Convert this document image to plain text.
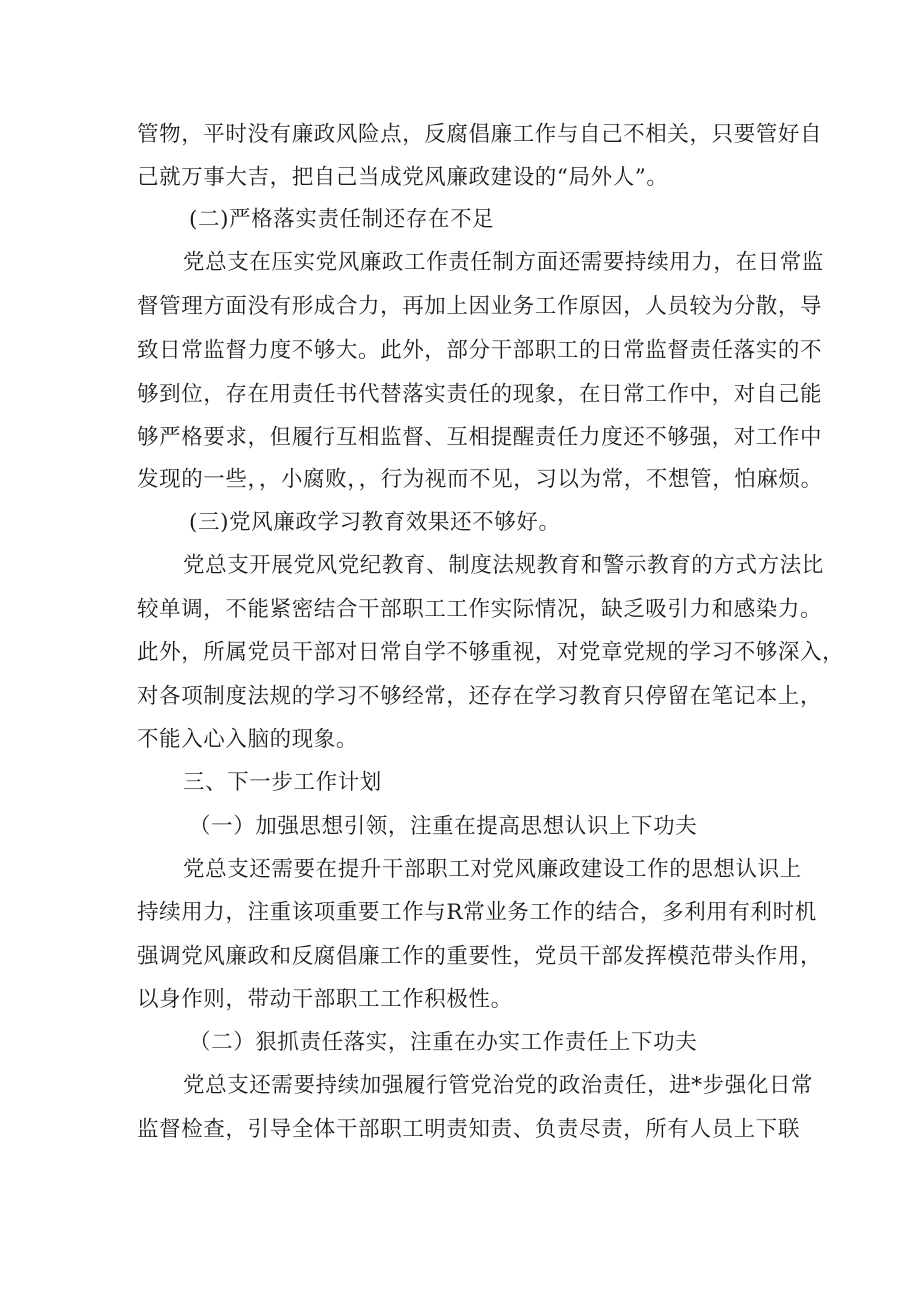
管物，平时没有廉政风险点，反腐倡廉工作与自己不相关，只要管好自
己就万事大吉，把自己当成党风廉政建设的“局外人”。
(二)严格落实责任制还存在不足
党总支在压实党风廉政工作责任制方面还需要持续用力，在日常监
督管理方面没有形成合力，再加上因业务工作原因，人员较为分散，导
致日常监督力度不够大。此外，部分干部职工的日常监督责任落实的不
够到位，存在用责任书代替落实责任的现象，在日常工作中，对自己能
够严格要求，但履行互相监督、互相提醒责任力度还不够强，对工作中
发现的一些，，小腐败，，行为视而不见，习以为常，不想管，怕麻烦。
(三)党风廉政学习教育效果还不够好。
党总支开展党风党纪教育、制度法规教育和警示教育的方式方法比
较单调，不能紧密结合干部职工工作实际情况，缺乏吸引力和感染力。
此外，所属党员干部对日常自学不够重视，对党章党规的学习不够深入，
对各项制度法规的学习不够经常，还存在学习教育只停留在笔记本上，
不能入心入脑的现象。
三、下一步工作计划
（一）加强思想引领，注重在提高思想认识上下功夫
党总支还需要在提升干部职工对党风廉政建设工作的思想认识上
持续用力，注重该项重要工作与R常业务工作的结合，多利用有利时机
强调党风廉政和反腐倡廉工作的重要性，党员干部发挥模范带头作用，
以身作则，带动干部职工工作积极性。
（二）狠抓责任落实，注重在办实工作责任上下功夫
党总支还需要持续加强履行管党治党的政治责任，进*步强化日常
监督检查，引导全体干部职工明责知责、负责尽责，所有人员上下联
